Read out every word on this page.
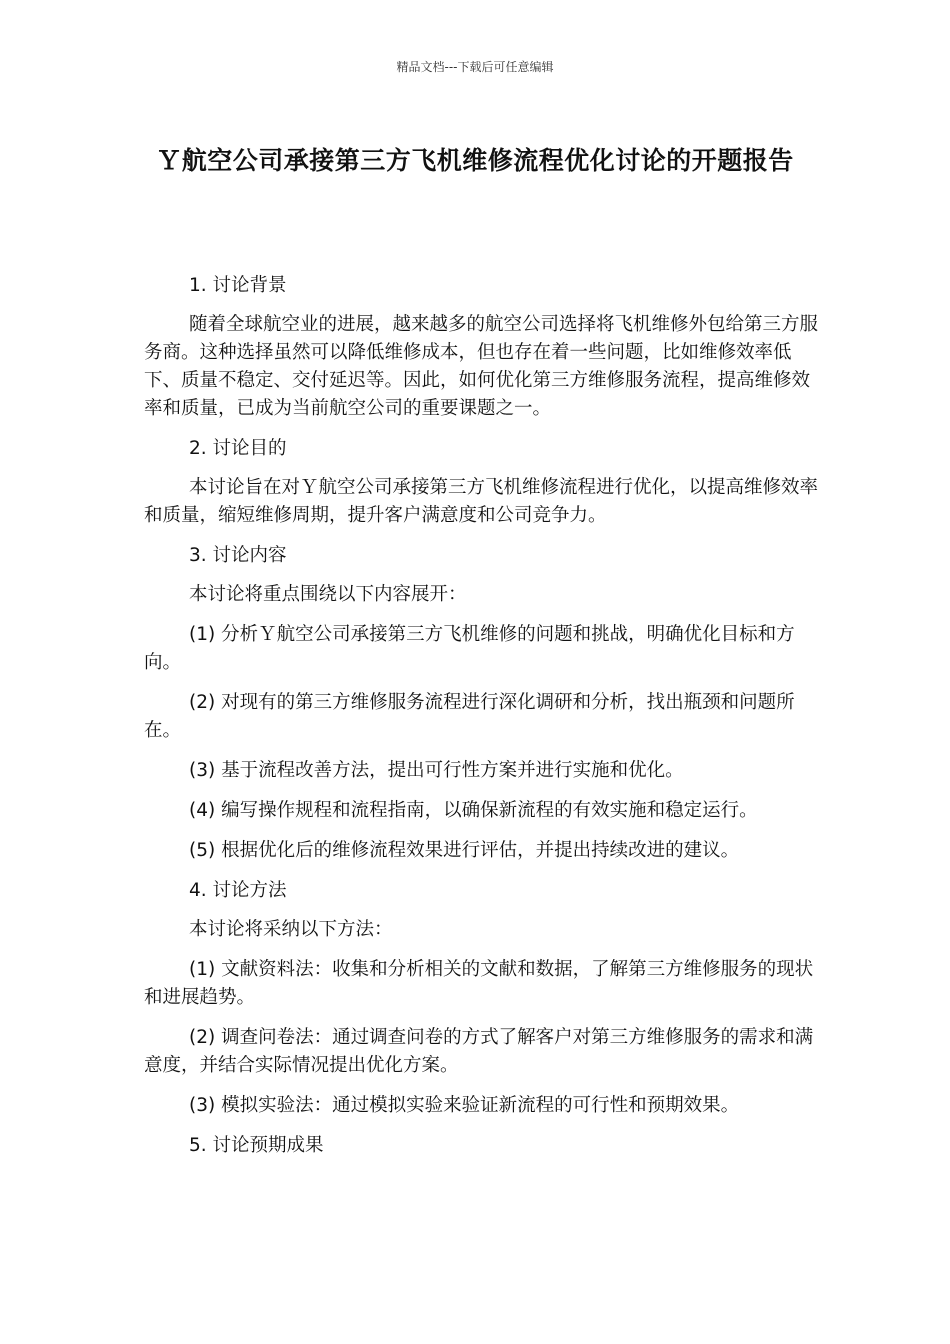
精品文档---下载后可任意编辑
Ｙ航空公司承接第三方飞机维修流程优化讨论的开题报告

1. 讨论背景

随着全球航空业的进展，越来越多的航空公司选择将飞机维修外包给第三方服务商。这种选择虽然可以降低维修成本，但也存在着一些问题，比如维修效率低下、质量不稳定、交付延迟等。因此，如何优化第三方维修服务流程，提高维修效率和质量，已成为当前航空公司的重要课题之一。

2. 讨论目的

本讨论旨在对Ｙ航空公司承接第三方飞机维修流程进行优化，以提高维修效率和质量，缩短维修周期，提升客户满意度和公司竞争力。

3. 讨论内容

本讨论将重点围绕以下内容展开：

(1) 分析Ｙ航空公司承接第三方飞机维修的问题和挑战，明确优化目标和方向。

(2) 对现有的第三方维修服务流程进行深化调研和分析，找出瓶颈和问题所在。

(3) 基于流程改善方法，提出可行性方案并进行实施和优化。

(4) 编写操作规程和流程指南，以确保新流程的有效实施和稳定运行。

(5) 根据优化后的维修流程效果进行评估，并提出持续改进的建议。

4. 讨论方法

本讨论将采纳以下方法：

(1) 文献资料法：收集和分析相关的文献和数据，了解第三方维修服务的现状和进展趋势。

(2) 调查问卷法：通过调查问卷的方式了解客户对第三方维修服务的需求和满意度，并结合实际情况提出优化方案。

(3) 模拟实验法：通过模拟实验来验证新流程的可行性和预期效果。

5. 讨论预期成果
